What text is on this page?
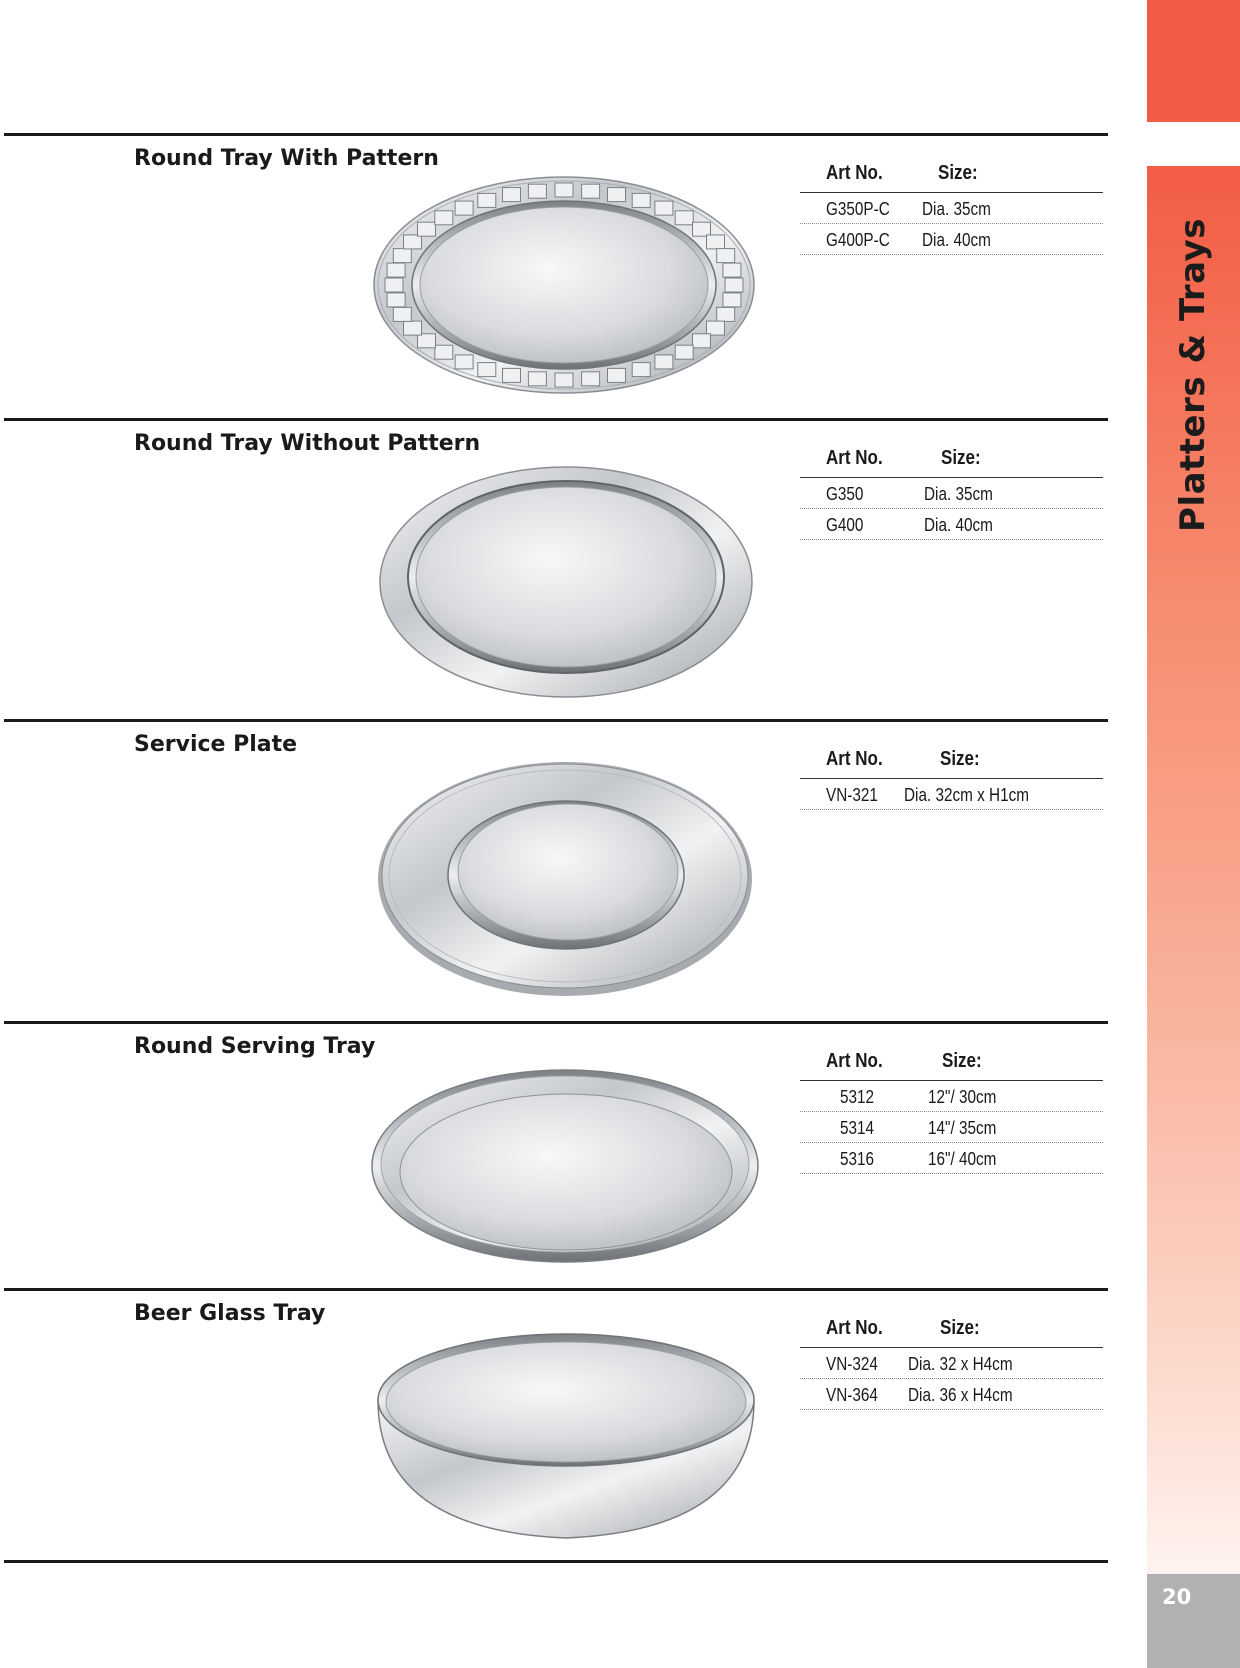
Platters & Trays
20
Round Tray With Pattern
Art No.	Size:
G350P-C Dia. 35cm
G400P-C Dia. 40cm
Round Tray Without Pattern
Art No.	Size:
G350	Dia. 35cm
G400	Dia. 40cm
Service Plate
Art No.	Size:
VN-321 Dia. 32cm x H1cm
Round Serving Tray
Art No.	Size:
5312	12"/ 30cm
5314	14"/ 35cm
5316	16"/ 40cm
Beer Glass Tray
Art No.	Size:
VN-324 Dia. 32 x H4cm
VN-364 Dia. 36 x H4cm
